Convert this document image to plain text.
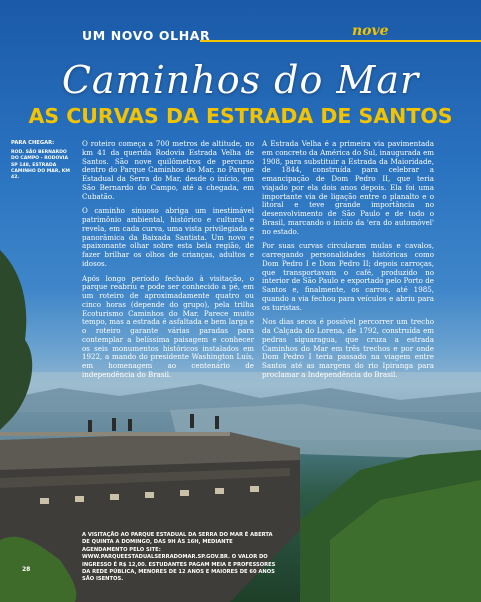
UM NOVO OLHAR	nove
Caminhos do Mar
AS CURVAS DA ESTRADA DE SANTOS
PARA CHEGAR:
ROD. SÃO BERNARDO DO CAMPO - RODOVIA SP 148, ESTRADA CAMINHO DO MAR, KM 42.

O roteiro começa a 700 metros de altitude, no km 41 da querida Rodovia Estrada Velha de Santos. São nove quilômetros de percurso dentro do Parque Caminhos do Mar, no Parque Estadual da Serra do Mar, desde o início, em São Bernardo do Campo, até a chegada, em Cubatão.

O caminho sinuoso abriga um inestimável patrimônio ambiental, histórico e cultural e revela, em cada curva, uma vista privilegiada e panorâmica da Baixada Santista. Um novo e apaixonante olhar sobre esta bela região, de fazer brilhar os olhos de crianças, adultos e idosos.

Após longo período fechado à visitação, o parque reabriu e pode ser conhecido a pé, em um roteiro de aproximadamente quatro ou cinco horas (depende do grupo), pela trilha Ecoturismo Caminhos do Mar. Parece muito tempo, mas a estrada é asfaltada e bem larga e o roteiro garante várias paradas para contemplar a belíssima paisagem e conhecer os seis monumentos históricos instalados em 1922, a mando do presidente Washington Luís, em homenagem ao centenário de independência do Brasil.

A Estrada Velha é a primeira via pavimentada em concreto da América do Sul, inaugurada em 1908, para substituir a Estrada da Maioridade, de 1844, construída para celebrar a emancipação de Dom Pedro II, que teria viajado por ela dois anos depois. Ela foi uma importante via de ligação entre o planalto e o litoral e teve grande importância no desenvolvimento de São Paulo e de todo o Brasil, marcando o início da 'era do automóvel' no estado.

Por suas curvas circularam mulas e cavalos, carregando personalidades históricas como Dom Pedro I e Dom Pedro II; depois carroças, que transportavam o café, produzido no interior de São Paulo e exportado pelo Porto de Santos e, finalmente, os carros, até 1985, quando a via fechou para veículos e abriu para os turistas.

Nos dias secos é possível percorrer um trecho da Calçada do Lorena, de 1792, construída em pedras siguaragua, que cruza a estrada Caminhos do Mar em três trechos e por onde Dom Pedro I teria passado na viagem entre Santos até as margens do rio Ipiranga para proclamar a Independência do Brasil.

A VISITAÇÃO AO PARQUE ESTADUAL DA SERRA DO MAR É ABERTA DE QUINTA A DOMINGO, DAS 9H ÀS 16H, MEDIANTE AGENDAMENTO PELO SITE: WWW.PARQUEESTADUALSERRADOMAR.SP.GOV.BR. O VALOR DO INGRESSO É R$ 12,00. ESTUDANTES PAGAM MEIA E PROFESSORES DA REDE PÚBLICA, MENORES DE 12 ANOS E MAIORES DE 60 ANOS SÃO ISENTOS.
28
